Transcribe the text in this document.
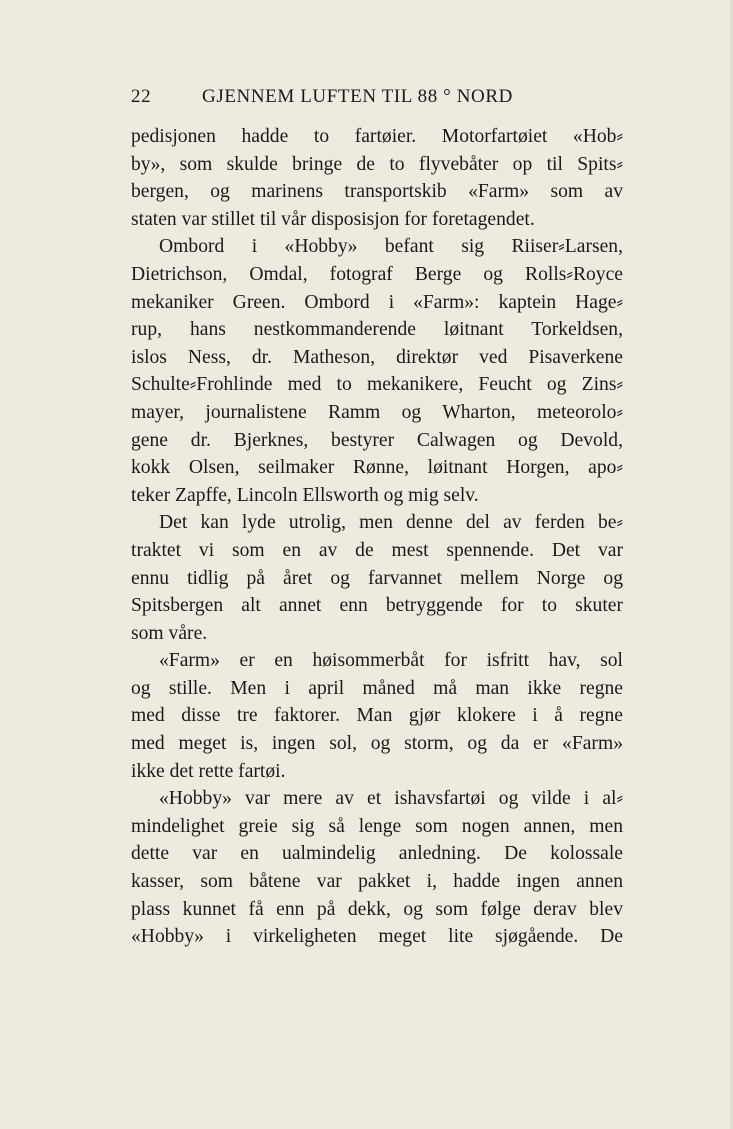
22	GJENNEM LUFTEN TIL 88 ° NORD
pedisjonen hadde to fartøier. Motorfartøiet «Hob⸗
by», som skulde bringe de to flyvebåter op til Spits⸗
bergen, og marinens transportskib «Farm» som av
staten var stillet til vår disposisjon for foretagendet.
Ombord i «Hobby» befant sig Riiser⸗Larsen,
Dietrichson, Omdal, fotograf Berge og Rolls⸗Royce
mekaniker Green. Ombord i «Farm»: kaptein Hage⸗
rup, hans nestkommanderende løitnant Torkeldsen,
islos Ness, dr. Matheson, direktør ved Pisaverkene
Schulte⸗Frohlinde med to mekanikere, Feucht og Zins⸗
mayer, journalistene Ramm og Wharton, meteorolo⸗
gene dr. Bjerknes, bestyrer Calwagen og Devold,
kokk Olsen, seilmaker Rønne, løitnant Horgen, apo⸗
teker Zapffe, Lincoln Ellsworth og mig selv.
Det kan lyde utrolig, men denne del av ferden be⸗
traktet vi som en av de mest spennende. Det var
ennu tidlig på året og farvannet mellem Norge og
Spitsbergen alt annet enn betryggende for to skuter
som våre.
«Farm» er en høisommerbåt for isfritt hav, sol
og stille. Men i april måned må man ikke regne
med disse tre faktorer. Man gjør klokere i å regne
med meget is, ingen sol, og storm, og da er «Farm»
ikke det rette fartøi.
«Hobby» var mere av et ishavsfartøi og vilde i al⸗
mindelighet greie sig så lenge som nogen annen, men
dette var en ualmindelig anledning. De kolossale
kasser, som båtene var pakket i, hadde ingen annen
plass kunnet få enn på dekk, og som følge derav blev
«Hobby» i virkeligheten meget lite sjøgående. De
